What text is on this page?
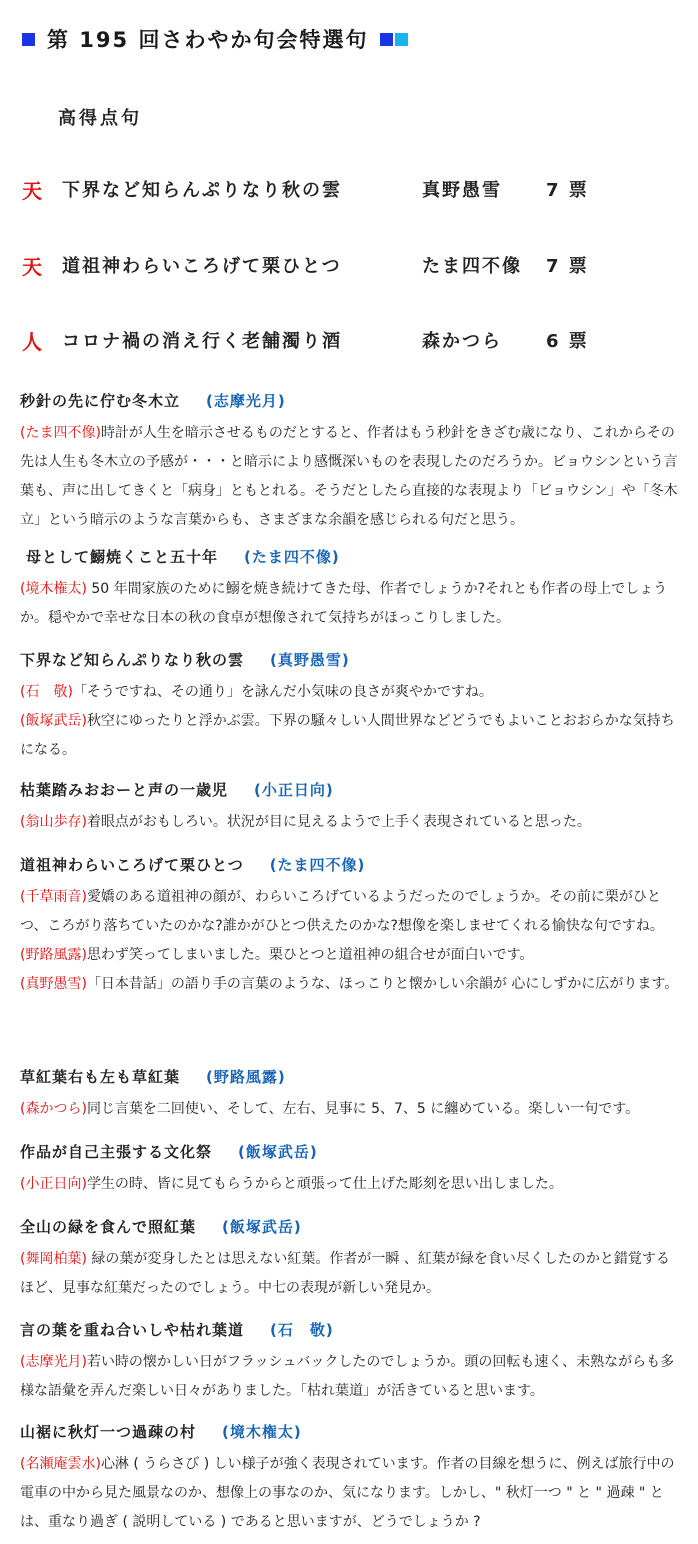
第 195 回さわやか句会特選句
高得点句
天	下界など知らんぷりなり秋の雲	真野愚雪	7 票
天	道祖神わらいころげて栗ひとつ	たま四不像	7 票
人	コロナ禍の消え行く老舗濁り酒	森かつら	6 票
秒針の先に佇む冬木立 (志摩光月)
(たま四不像)時計が人生を暗示させるものだとすると、作者はもう秒針をきざむ歳になり、これからその先は人生も冬木立の予感が・・・と暗示により感慨深いものを表現したのだろうか。ビョウシンという言葉も、声に出してきくと「病身」ともとれる。そうだとしたら直接的な表現より「ビョウシン」や「冬木立」という暗示のような言葉からも、さまざまな余韻を感じられる句だと思う。
母として鰯焼くこと五十年 (たま四不像)
(境木権太) 50 年間家族のために鰯を焼き続けてきた母、作者でしょうか?それとも作者の母上でしょうか。穏やかで幸せな日本の秋の食卓が想像されて気持ちがほっこりしました。
下界など知らんぷりなり秋の雲 (真野愚雪)
(石　敬)「そうですね、その通り」を詠んだ小気味の良さが爽やかですね。
(飯塚武岳)秋空にゆったりと浮かぶ雲。下界の騒々しい人間世界などどうでもよいことおおらかな気持ちになる。
枯葉踏みおおーと声の一歳児 (小正日向)
(翁山歩存)着眼点がおもしろい。状況が目に見えるようで上手く表現されていると思った。
道祖神わらいころげて栗ひとつ (たま四不像)
(千草雨音)愛嬌のある道祖神の顔が、わらいころげているようだったのでしょうか。その前に栗がひとつ、ころがり落ちていたのかな?誰かがひとつ供えたのかな?想像を楽しませてくれる愉快な句ですね。
(野路風露)思わず笑ってしまいました。栗ひとつと道祖神の組合せが面白いです。
(真野愚雪)「日本昔話」の語り手の言葉のような、ほっこりと懐かしい余韻が 心にしずかに広がります。
草紅葉右も左も草紅葉 (野路風露)
(森かつら)同じ言葉を二回使い、そして、左右、見事に 5、7、5 に纏めている。楽しい一句です。
作品が自己主張する文化祭 (飯塚武岳)
(小正日向)学生の時、皆に見てもらうからと頑張って仕上げた彫刻を思い出しました。
全山の緑を食んで照紅葉 (飯塚武岳)
(舞岡柏葉) 緑の葉が変身したとは思えない紅葉。作者が一瞬 、紅葉が緑を食い尽くしたのかと錯覚するほど、見事な紅葉だったのでしょう。中七の表現が新しい発見か。
言の葉を重ね合いしや枯れ葉道 (石　敬)
(志摩光月)若い時の懐かしい日がフラッシュバックしたのでしょうか。頭の回転も速く、未熟ながらも多様な語彙を弄んだ楽しい日々がありました。「枯れ葉道」が活きていると思います。
山裾に秋灯一つ過疎の村 (境木権太)
(名瀬庵雲水)心淋 ( うらさび ) しい様子が強く表現されています。作者の目線を想うに、例えば旅行中の電車の中から見た風景なのか、想像上の事なのか、気になります。しかし、" 秋灯一つ " と " 過疎 " とは、重なり過ぎ ( 説明している ) であると思いますが、どうでしょうか ?
